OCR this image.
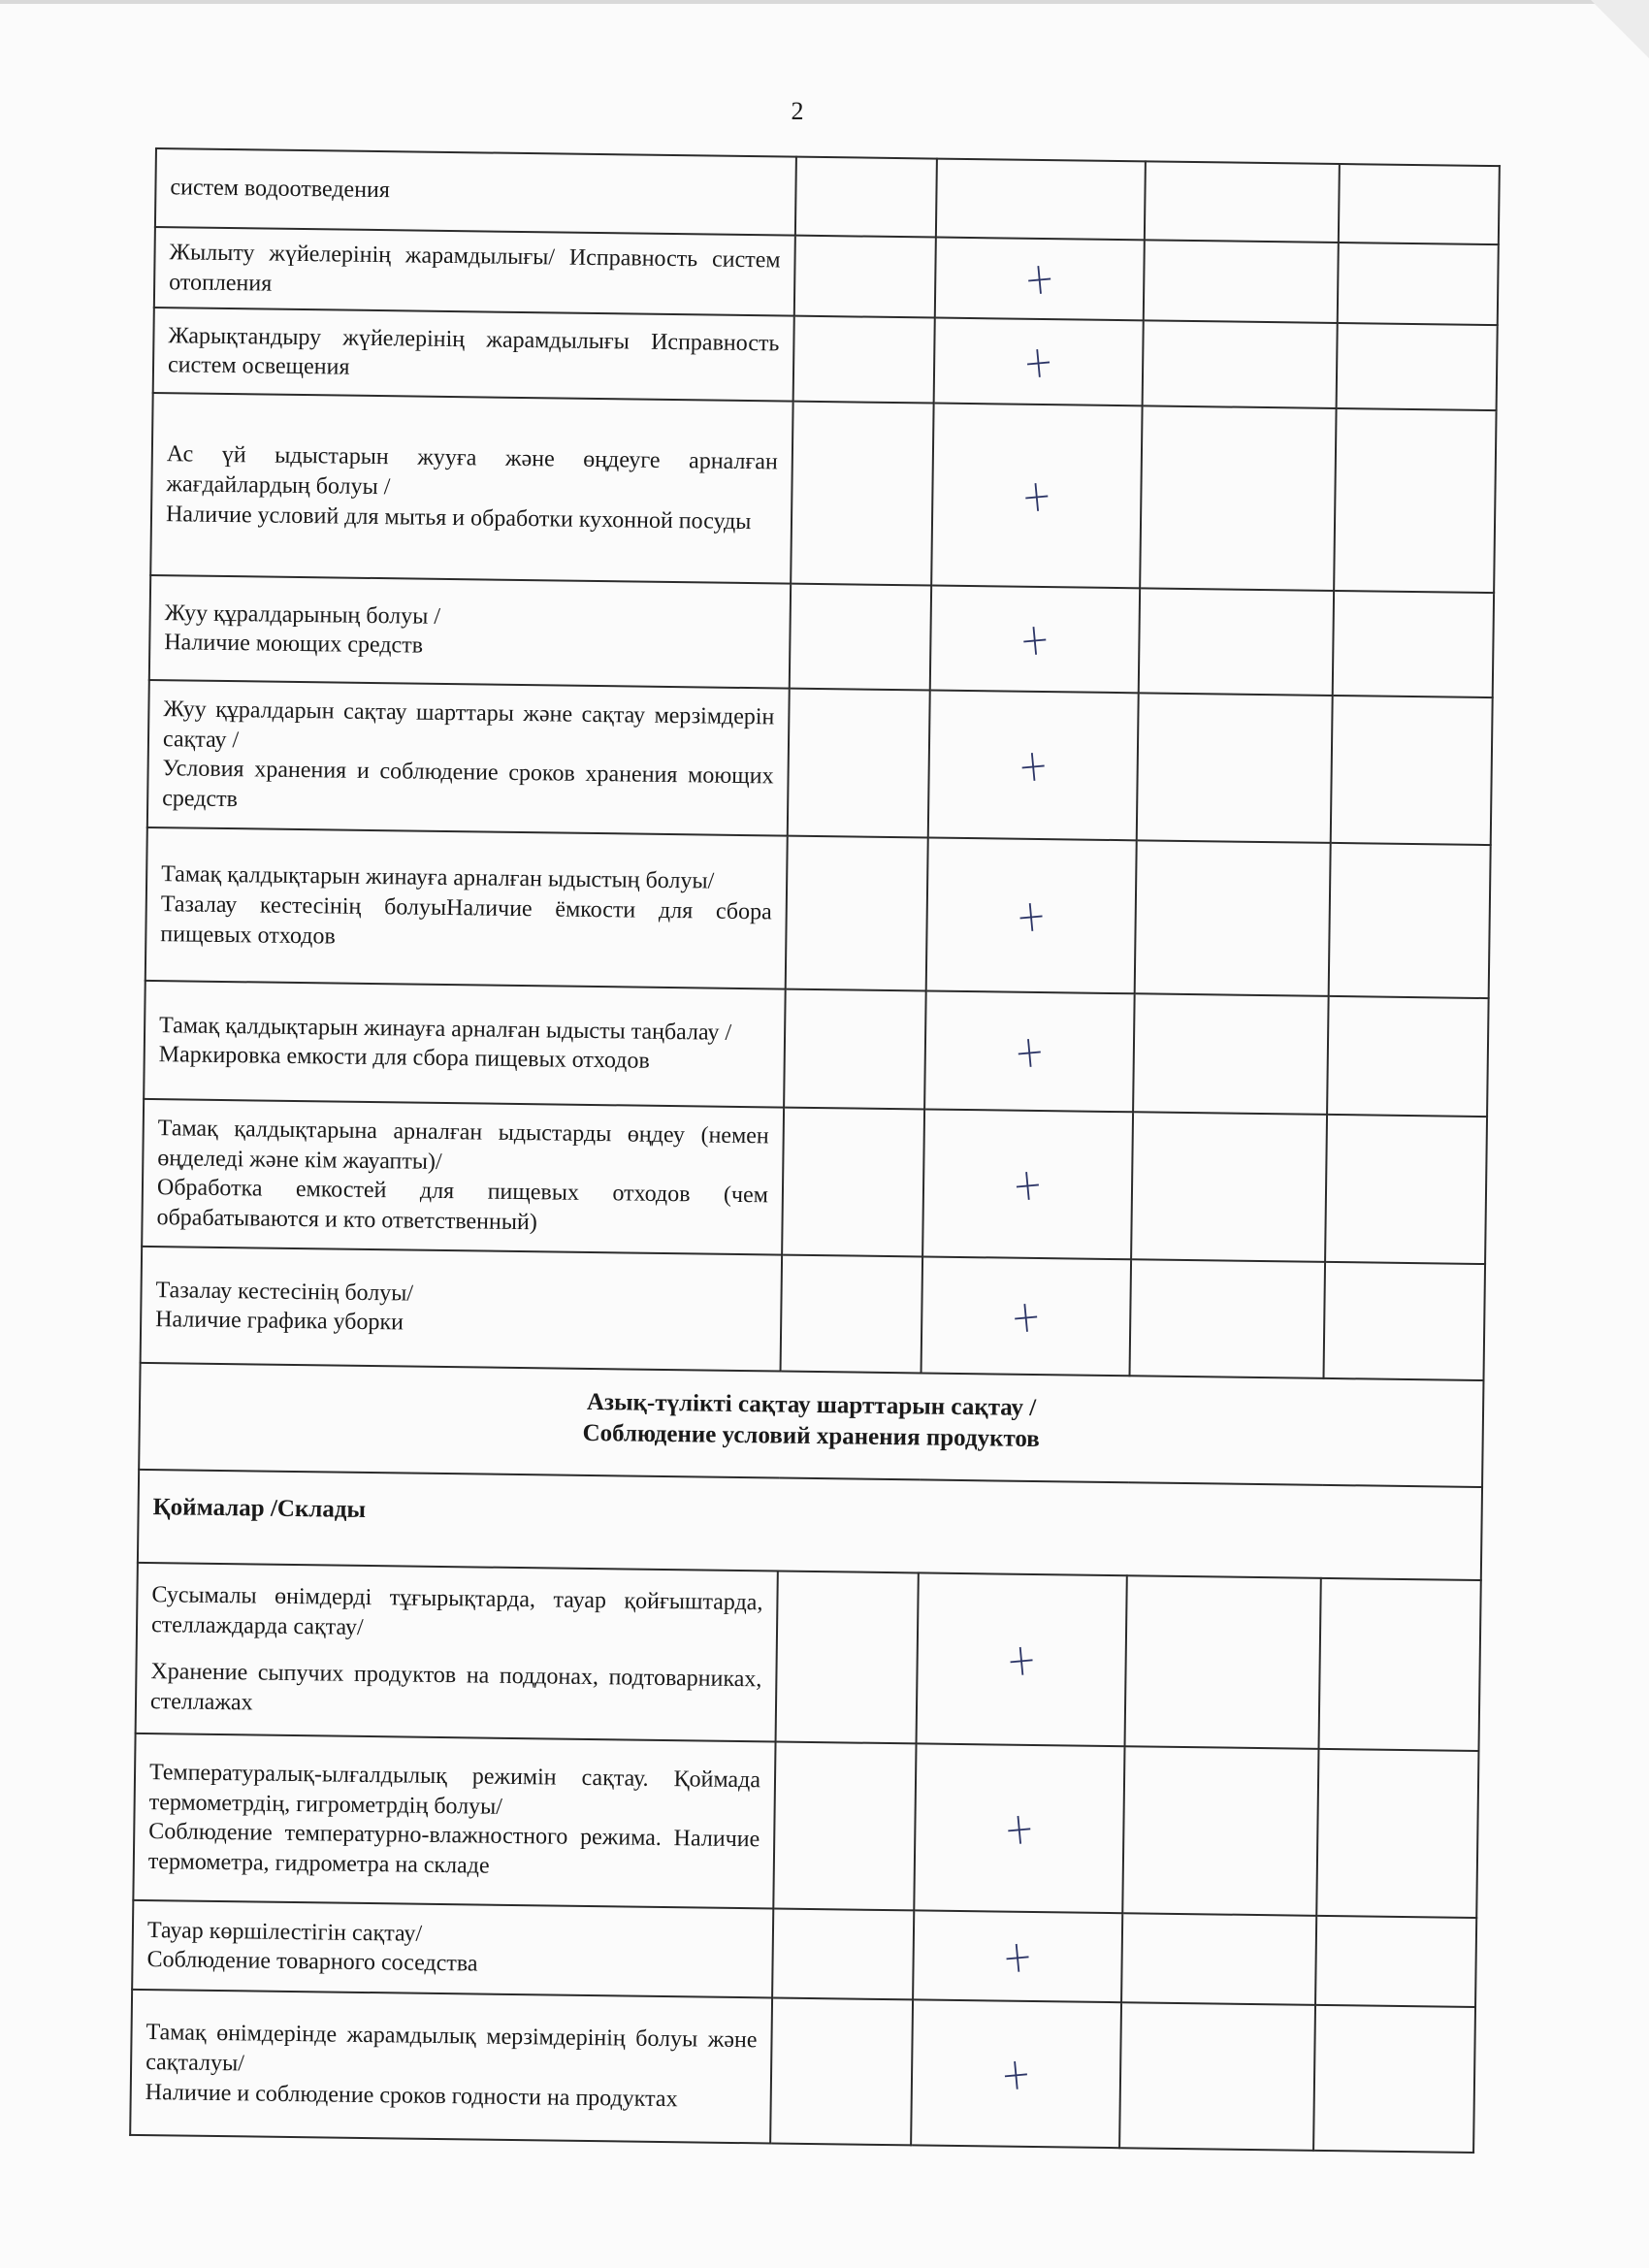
2

систем водоотведения				

Жылыту жүйелерінің жарамдылығы/ Исправность систем отопления		+		

Жарықтандыру жүйелерінің жарамдылығы Исправность систем освещения		+		

Ас үй ыдыстарын жууға және өңдеуге арналған жағдайлардың болуы /

Наличие условий для мытья и обработки кухонной посуды		+		

Жуу құралдарының болуы /

Наличие моющих средств		+		

Жуу құралдарын сақтау шарттары және сақтау мерзімдерін сақтау /

Условия хранения и соблюдение сроков хранения моющих средств		+		

Тамақ қалдықтарын жинауға арналған ыдыстың болуы/

Тазалау кестесінің болуыНаличие ёмкости для сбора пищевых отходов		+		

Тамақ қалдықтарын жинауға арналған ыдысты таңбалау /

Маркировка емкости для сбора пищевых отходов		+		

Тамақ қалдықтарына арналған ыдыстарды өңдеу (немен өңделеді және кім жауапты)/

Обработка емкостей для пищевых отходов (чем обрабатываются и кто ответственный)		+		

Тазалау кестесінің болуы/

Наличие графика уборки		+		

Азық-түлікті сақтау шарттарын сақтау /
Соблюдение условий хранения продуктов				

Қоймалар /Склады				

Сусымалы өнімдерді тұғырықтарда, тауар қойғыштарда, стеллаждарда сақтау/

Хранение сыпучих продуктов на поддонах, подтоварниках, стеллажах		+		

Температуралық-ылғалдылық режимін сақтау. Қоймада термометрдің, гигрометрдің болуы/

Соблюдение температурно-влажностного режима. Наличие термометра, гидрометра на складе		+		

Тауар көршілестігін сақтау/

Соблюдение товарного соседства		+		

Тамақ өнімдерінде жарамдылық мерзімдерінің болуы және сақталуы/

Наличие и соблюдение сроков годности на продуктах		+		
